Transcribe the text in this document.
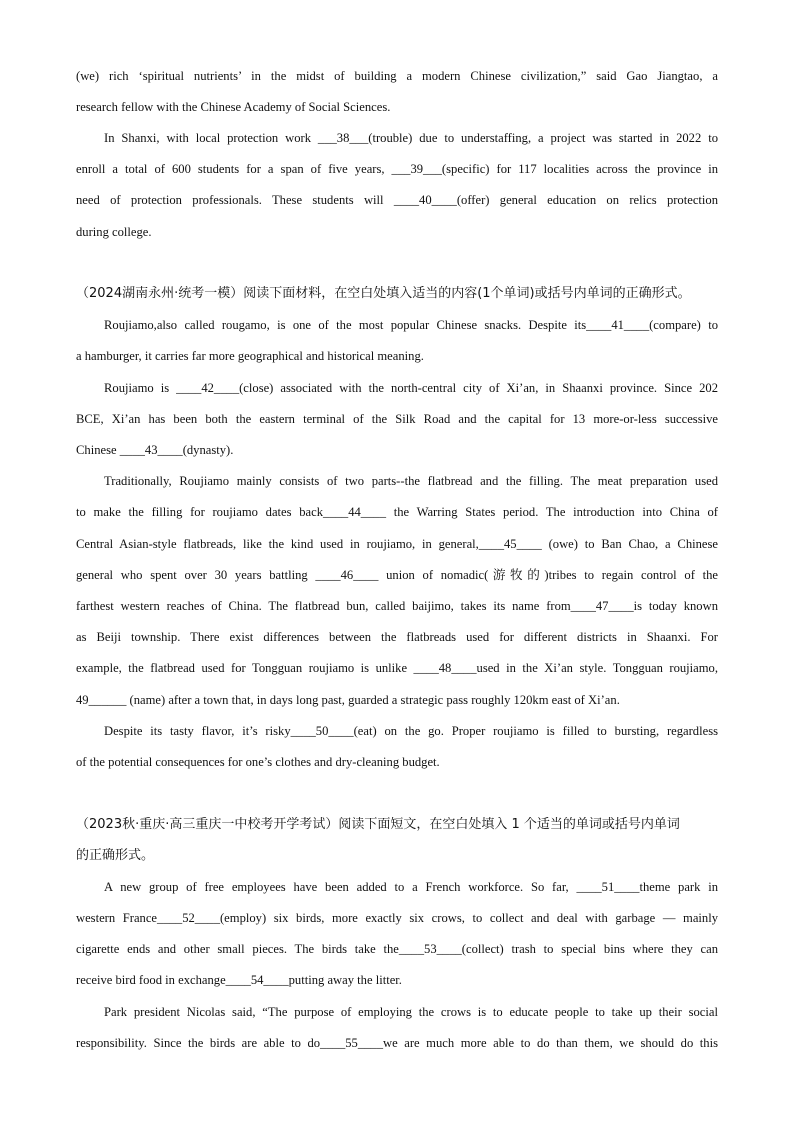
(we) rich ‘spiritual nutrients’ in the midst of building a modern Chinese civilization,” said Gao Jiangtao, a
research fellow with the Chinese Academy of Social Sciences.
In Shanxi, with local protection work ___38___(trouble) due to understaffing, a project was started in 2022 to
enroll a total of 600 students for a span of five years, ___39___(specific) for 117 localities across the province in
need of protection professionals. These students will ____40____(offer) general education on relics protection
during college.
（2024湖南永州·统考一模）阅读下面材料，在空白处填入适当的内容(1个单词)或括号内单词的正确形式。
Roujiamo,also called rougamo, is one of the most popular Chinese snacks. Despite its____41____(compare) to
a hamburger, it carries far more geographical and historical meaning.
Roujiamo is ____42____(close) associated with the north-central city of Xi’an, in Shaanxi province. Since 202
BCE, Xi’an has been both the eastern terminal of the Silk Road and the capital for 13 more-or-less successive
Chinese ____43____(dynasty).
Traditionally, Roujiamo mainly consists of two parts--the flatbread and the filling. The meat preparation used
to make the filling for roujiamo dates back____44____ the Warring States period. The introduction into China of
Central Asian-style flatbreads, like the kind used in roujiamo, in general,____45____ (owe) to Ban Chao, a Chinese
general who spent over 30 years battling ____46____ union of nomadic(游牧的)tribes to regain control of the
farthest western reaches of China. The flatbread bun, called baijimo, takes its name from____47____is today known
as Beiji township. There exist differences between the flatbreads used for different districts in Shaanxi. For
example, the flatbread used for Tongguan roujiamo is unlike ____48____used in the Xi’an style. Tongguan roujiamo,
49______ (name) after a town that, in days long past, guarded a strategic pass roughly 120km east of Xi’an.
Despite its tasty flavor, it’s risky____50____(eat) on the go. Proper roujiamo is filled to bursting, regardless
of the potential consequences for one’s clothes and dry-cleaning budget.
（2023秋·重庆·高三重庆一中校考开学考试）阅读下面短文，在空白处填入 1 个适当的单词或括号内单词
的正确形式。
A new group of free employees have been added to a French workforce. So far, ____51____theme park in
western France____52____(employ) six birds, more exactly six crows, to collect and deal with garbage — mainly
cigarette ends and other small pieces. The birds take the____53____(collect) trash to special bins where they can
receive bird food in exchange____54____putting away the litter.
Park president Nicolas said, “The purpose of employing the crows is to educate people to take up their social
responsibility. Since the birds are able to do____55____we are much more able to do than them, we should do this
